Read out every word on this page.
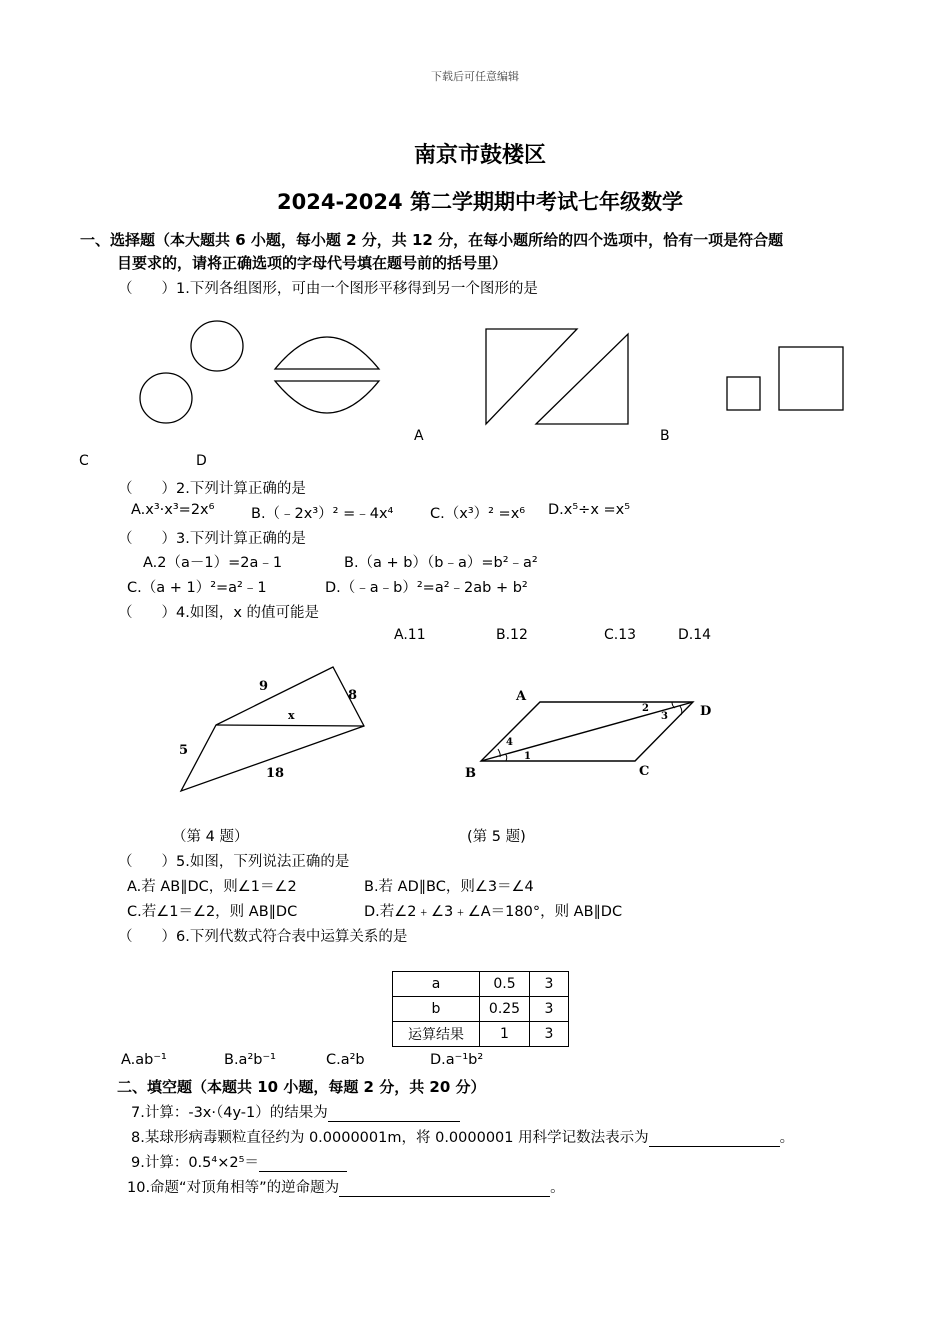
下载后可任意编辑
南京市鼓楼区
2024-2024 第二学期期中考试七年级数学
一、选择题（本大题共 6 小题，每小题 2 分，共 12 分，在每小题所给的四个选项中，恰有一项是符合题
目要求的，请将正确选项的字母代号填在题号前的括号里）
（　　）1.下列各组图形，可由一个图形平移得到另一个图形的是
A	B
C	D
（　　）2.下列计算正确的是
A.x³·x³=2x⁶	B.（﹣2x³）² =﹣4x⁴	C.（x³）² =x⁶ D.x⁵÷x =x⁵
（　　）3.下列计算正确的是
A.2（a－1）=2a﹣1	B.（a + b）（b﹣a）=b²﹣a²
C.（a + 1）²=a²﹣1	D.（﹣a﹣b）²=a²﹣2ab + b²
（　　）4.如图，x 的值可能是
A.11	B.12	C.13	D.14
9
8
x
5
18
A
D
B	C
1
2
3
4
（第 4 题）	(第 5 题)
（　　）5.如图，下列说法正确的是
A.若 AB∥DC，则∠1＝∠2	B.若 AD∥BC，则∠3＝∠4
C.若∠1＝∠2，则 AB∥DC	D.若∠2﹢∠3﹢∠A＝180°，则 AB∥DC
（　　）6.下列代数式符合表中运算关系的是
a	0.5	3
b	0.25	3
运算结果	1	3
A.ab⁻¹	B.a²b⁻¹	C.a²b	D.a⁻¹b²
二、填空题（本题共 10 小题，每题 2 分，共 20 分）
7.计算：-3x·（4y-1）的结果为
8.某球形病毒颗粒直径约为 0.0000001m，将 0.0000001 用科学记数法表示为	。
9.计算：0.5⁴×2⁵＝
10.命题“对顶角相等”的逆命题为	。
